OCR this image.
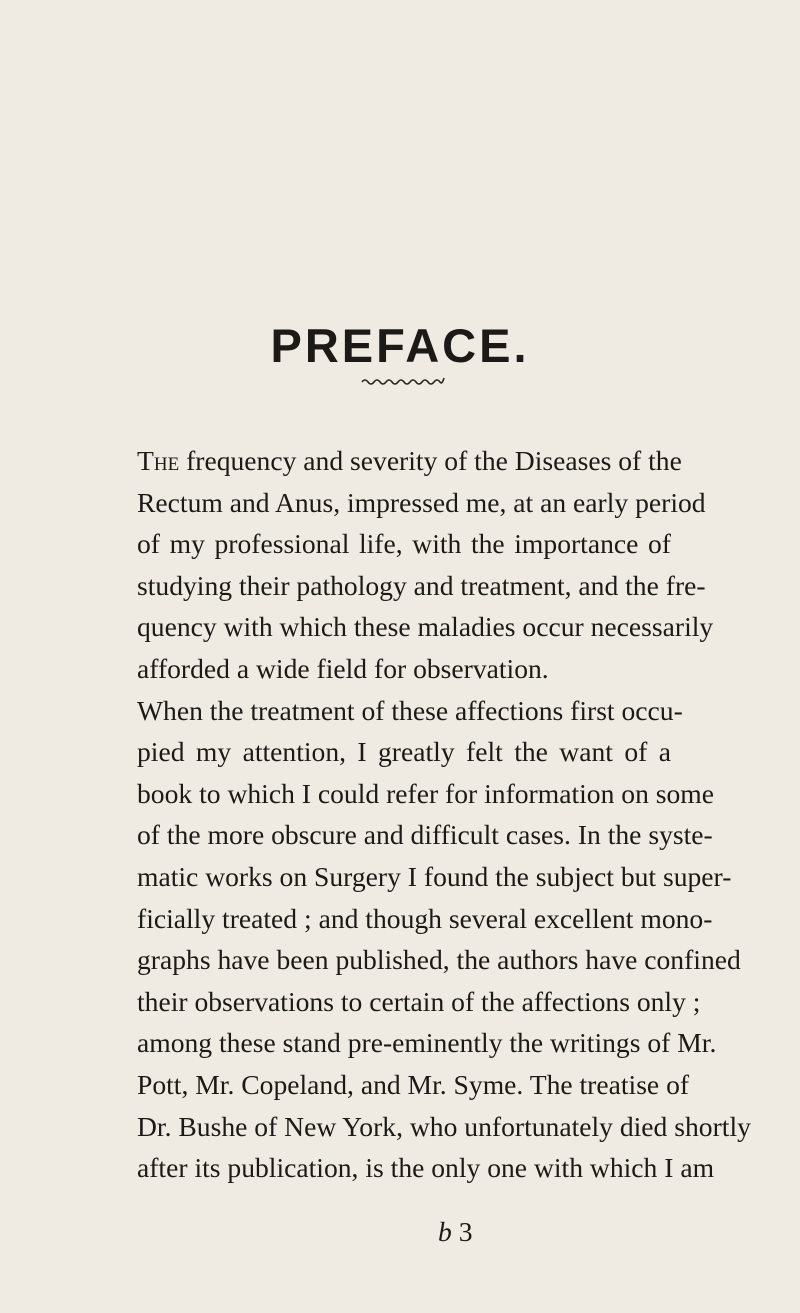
PREFACE.

The frequency and severity of the Diseases of the
Rectum and Anus, impressed me, at an early period
of my professional life, with the importance of
studying their pathology and treatment, and the fre-
quency with which these maladies occur necessarily
afforded a wide field for observation.

When the treatment of these affections first occu-
pied my attention, I greatly felt the want of a
book to which I could refer for information on some
of the more obscure and difficult cases. In the syste-
matic works on Surgery I found the subject but super-
ficially treated ; and though several excellent mono-
graphs have been published, the authors have confined
their observations to certain of the affections only ;
among these stand pre-eminently the writings of Mr.
Pott, Mr. Copeland, and Mr. Syme. The treatise of
Dr. Bushe of New York, who unfortunately died shortly
after its publication, is the only one with which I am

b 3
